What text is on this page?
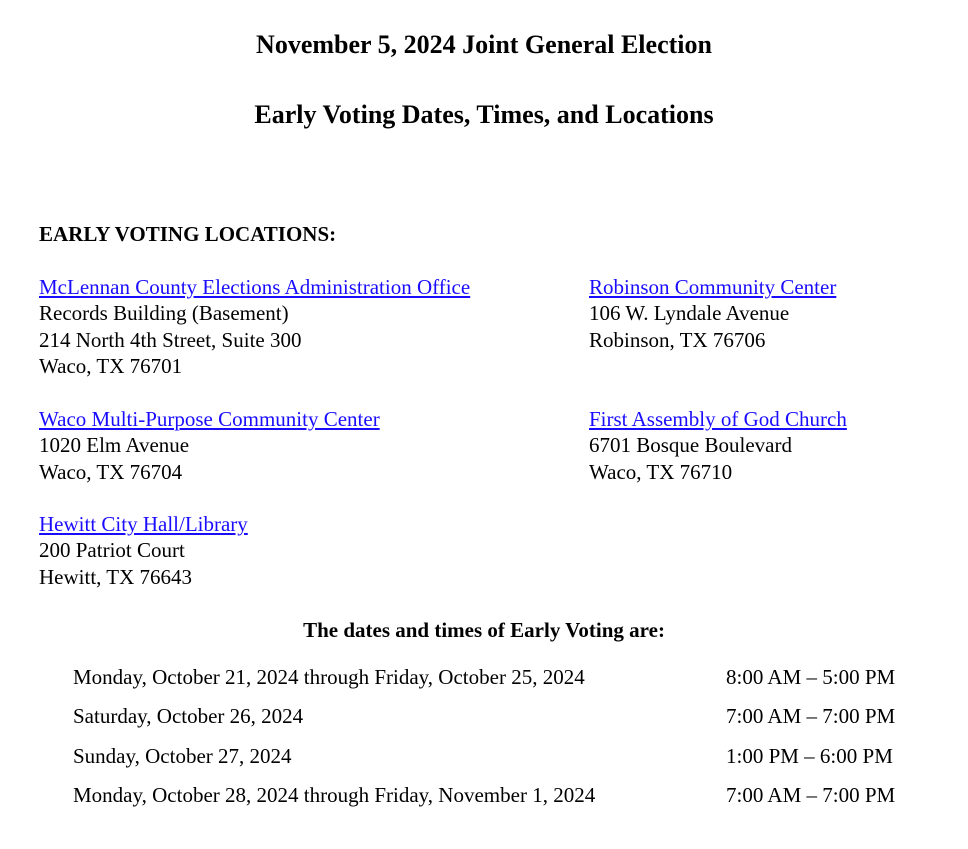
November 5, 2024 Joint General Election
Early Voting Dates, Times, and Locations
EARLY VOTING LOCATIONS:
McLennan County Elections Administration Office
Records Building (Basement)
214 North 4th Street, Suite 300
Waco, TX 76701
Robinson Community Center
106 W. Lyndale Avenue
Robinson, TX 76706
Waco Multi-Purpose Community Center
1020 Elm Avenue
Waco, TX 76704
First Assembly of God Church
6701 Bosque Boulevard
Waco, TX 76710
Hewitt City Hall/Library
200 Patriot Court
Hewitt, TX 76643
The dates and times of Early Voting are:
Monday, October 21, 2024 through Friday, October 25, 2024	8:00 AM – 5:00 PM
Saturday, October 26, 2024	7:00 AM – 7:00 PM
Sunday, October 27, 2024	1:00 PM – 6:00 PM
Monday, October 28, 2024 through Friday, November 1, 2024	7:00 AM – 7:00 PM
